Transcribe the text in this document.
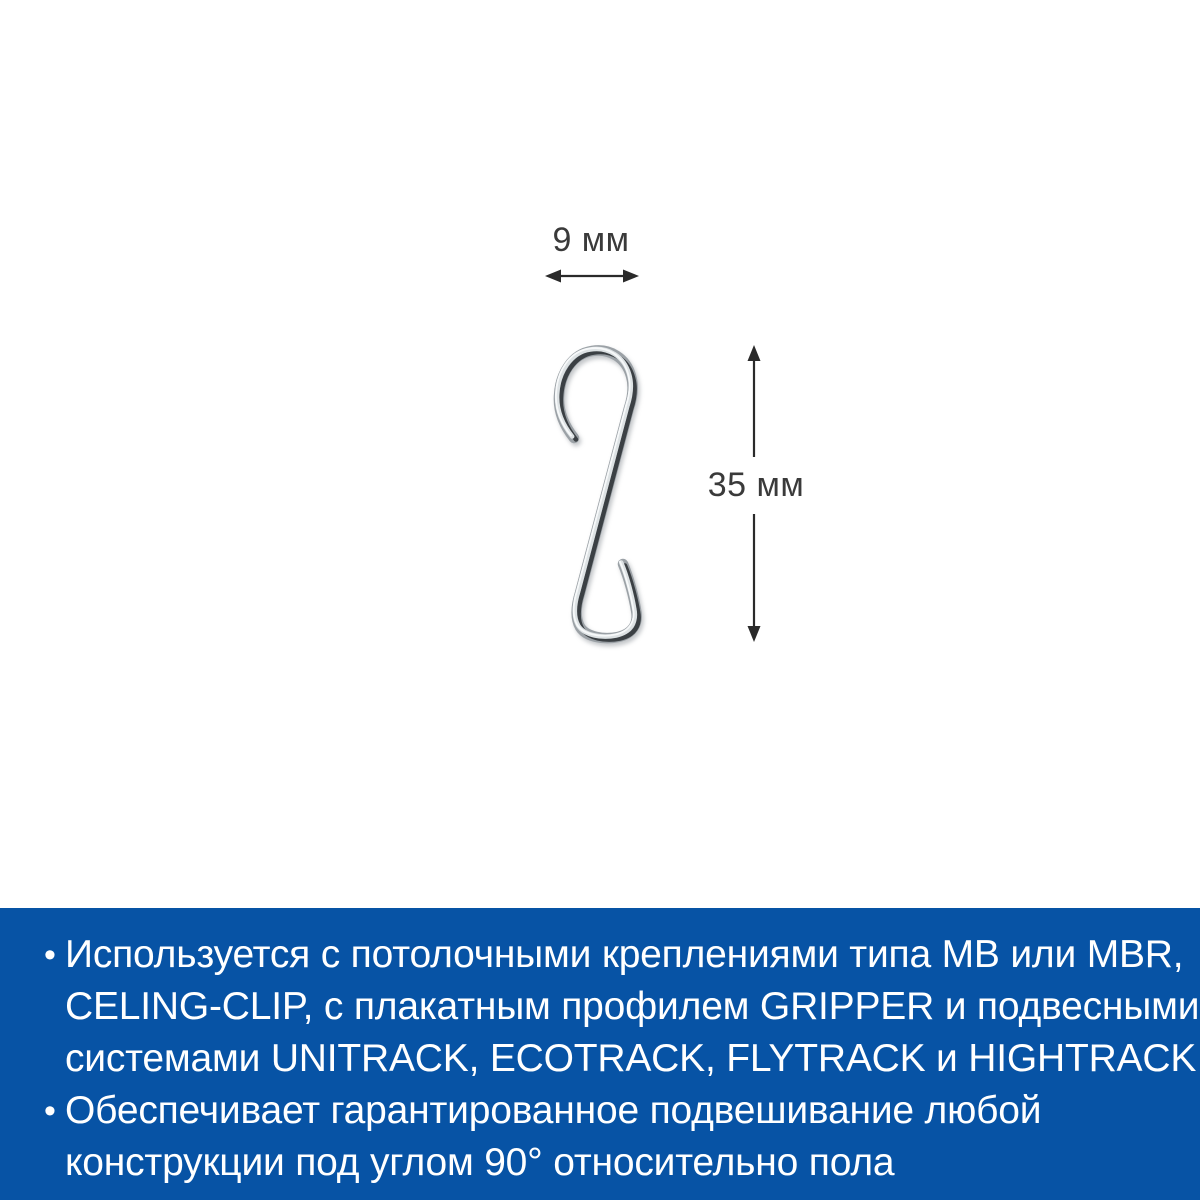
9 мм
35 мм
• Используется с потолочными креплениями типа MB или MBR,
CELING-CLIP, с плакатным профилем GRIPPER и подвесными
системами UNITRACK, ECOTRACK, FLYTRACK и HIGHTRACK
• Обеспечивает гарантированное подвешивание любой
конструкции под углом 90° относительно пола
